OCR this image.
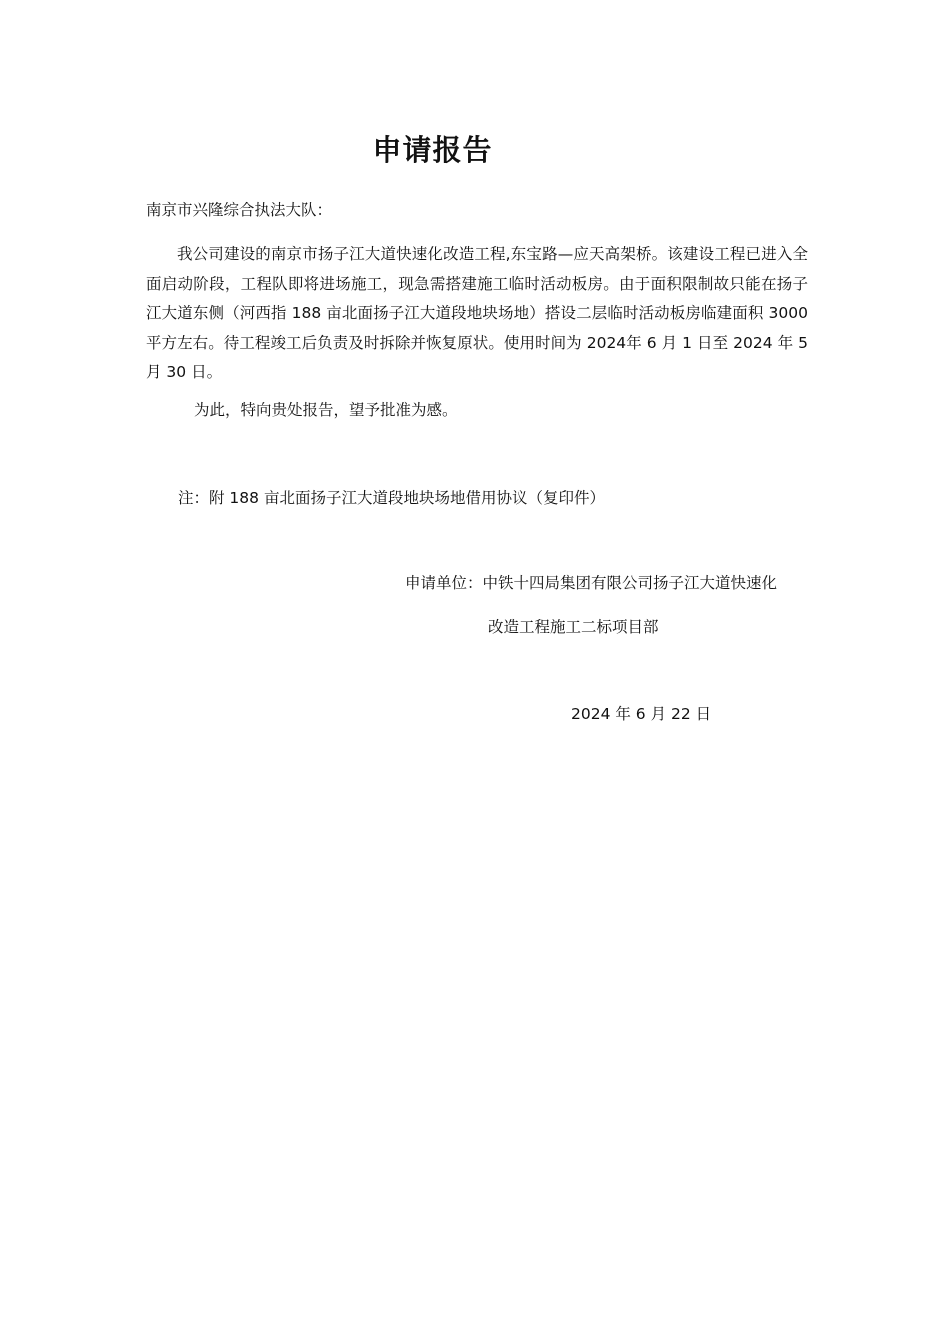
申请报告

南京市兴隆综合执法大队：

我公司建设的南京市扬子江大道快速化改造工程,东宝路—应天高架桥。该建设工程已进入全面启动阶段，工程队即将进场施工，现急需搭建施工临时活动板房。由于面积限制故只能在扬子江大道东侧（河西指 188 亩北面扬子江大道段地块场地）搭设二层临时活动板房临建面积 3000 平方左右。待工程竣工后负责及时拆除并恢复原状。使用时间为 2024年 6 月 1 日至 2024 年 5 月 30 日。

为此，特向贵处报告，望予批准为感。

注：附 188 亩北面扬子江大道段地块场地借用协议（复印件）

申请单位：中铁十四局集团有限公司扬子江大道快速化

改造工程施工二标项目部

2024 年 6 月 22 日
